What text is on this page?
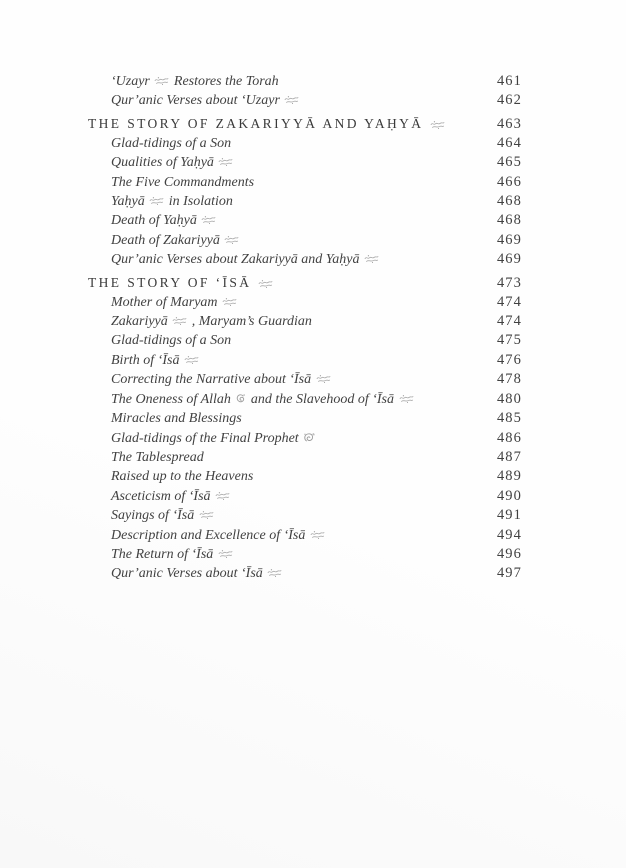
‘Uzayr  Restores the Torah	461
Qur’anic Verses about ‘Uzayr	462
THE STORY OF ZAKARIYYĀ AND YAḤYĀ	463
Glad-tidings of a Son	464
Qualities of Yaḥyā	465
The Five Commandments	466
Yaḥyā  in Isolation	468
Death of Yaḥyā	468
Death of Zakariyyā	469
Qur’anic Verses about Zakariyyā and Yaḥyā	469
THE STORY OF ‘ĪSĀ	473
Mother of Maryam	474
Zakariyyā  , Maryam’s Guardian	474
Glad-tidings of a Son	475
Birth of ‘Īsā	476
Correcting the Narrative about ‘Īsā	478
The Oneness of Allah  and the Slavehood of ‘Īsā	480
Miracles and Blessings	485
Glad-tidings of the Final Prophet	486
The Tablespread	487
Raised up to the Heavens	489
Asceticism of ‘Īsā	490
Sayings of ‘Īsā	491
Description and Excellence of ‘Īsā	494
The Return of ‘Īsā	496
Qur’anic Verses about ‘Īsā	497
